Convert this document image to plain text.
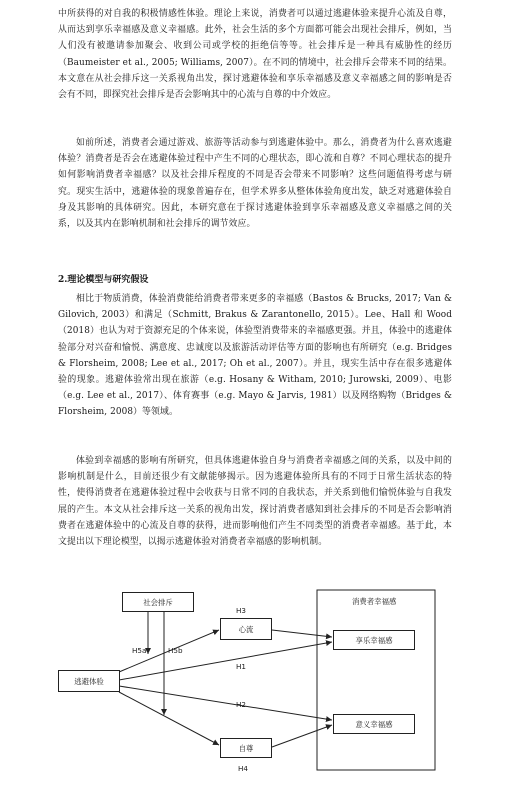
中所获得的对自我的积极情感性体验。理论上来说，消费者可以通过逃避体验来提升心流及自尊，从而达到享乐幸福感及意义幸福感。此外，社会生活的多个方面都可能会出现社会排斥，例如，当人们没有被邀请参加聚会、收到公司或学校的拒绝信等等。社会排斥是一种具有威胁性的经历（Baumeister et al., 2005; Williams, 2007）。在不同的情境中，社会排斥会带来不同的结果。本文意在从社会排斥这一关系视角出发，探讨逃避体验和享乐幸福感及意义幸福感之间的影响是否会有不同，即探究社会排斥是否会影响其中的心流与自尊的中介效应。

如前所述，消费者会通过游戏、旅游等活动参与到逃避体验中。那么，消费者为什么喜欢逃避体验？消费者是否会在逃避体验过程中产生不同的心理状态，即心流和自尊？不同心理状态的提升如何影响消费者幸福感？以及社会排斥程度的不同是否会带来不同影响？这些问题值得考虑与研究。现实生活中，逃避体验的现象普遍存在，但学术界多从整体体验角度出发，缺乏对逃避体验自身及其影响的具体研究。因此，本研究意在于探讨逃避体验到享乐幸福感及意义幸福感之间的关系，以及其内在影响机制和社会排斥的调节效应。

2.理论模型与研究假设

相比于物质消费，体验消费能给消费者带来更多的幸福感（Bastos & Brucks, 2017; Van & Gilovich, 2003）和满足（Schmitt, Brakus & Zarantonello, 2015）。Lee、Hall 和 Wood（2018）也认为对于资源充足的个体来说，体验型消费带来的幸福感更强。并且，体验中的逃避体验部分对兴奋和愉悦、满意度、忠诚度以及旅游活动评估等方面的影响也有所研究（e.g. Bridges & Florsheim, 2008; Lee et al., 2017; Oh et al., 2007）。并且，现实生活中存在很多逃避体验的现象。逃避体验常出现在旅游（e.g. Hosany & Witham, 2010; Jurowski, 2009）、电影（e.g. Lee et al., 2017）、体育赛事（e.g. Mayo & Jarvis, 1981）以及网络购物（Bridges & Florsheim, 2008）等领域。

体验到幸福感的影响有所研究，但具体逃避体验自身与消费者幸福感之间的关系，以及中间的影响机制是什么，目前还很少有文献能够揭示。因为逃避体验所具有的不同于日常生活状态的特性，使得消费者在逃避体验过程中会收获与日常不同的自我状态，并关系到他们愉悦体验与自我发展的产生。本文从社会排斥这一关系的视角出发，探讨消费者感知到社会排斥的不同是否会影响消费者在逃避体验中的心流及自尊的获得，进而影响他们产生不同类型的消费者幸福感。基于此，本文提出以下理论模型，以揭示逃避体验对消费者幸福感的影响机制。

社会排斥
逃避体验
心流
自尊
消费者幸福感
享乐幸福感
意义幸福感
H3
H1
H2
H4
H5a	H5b
